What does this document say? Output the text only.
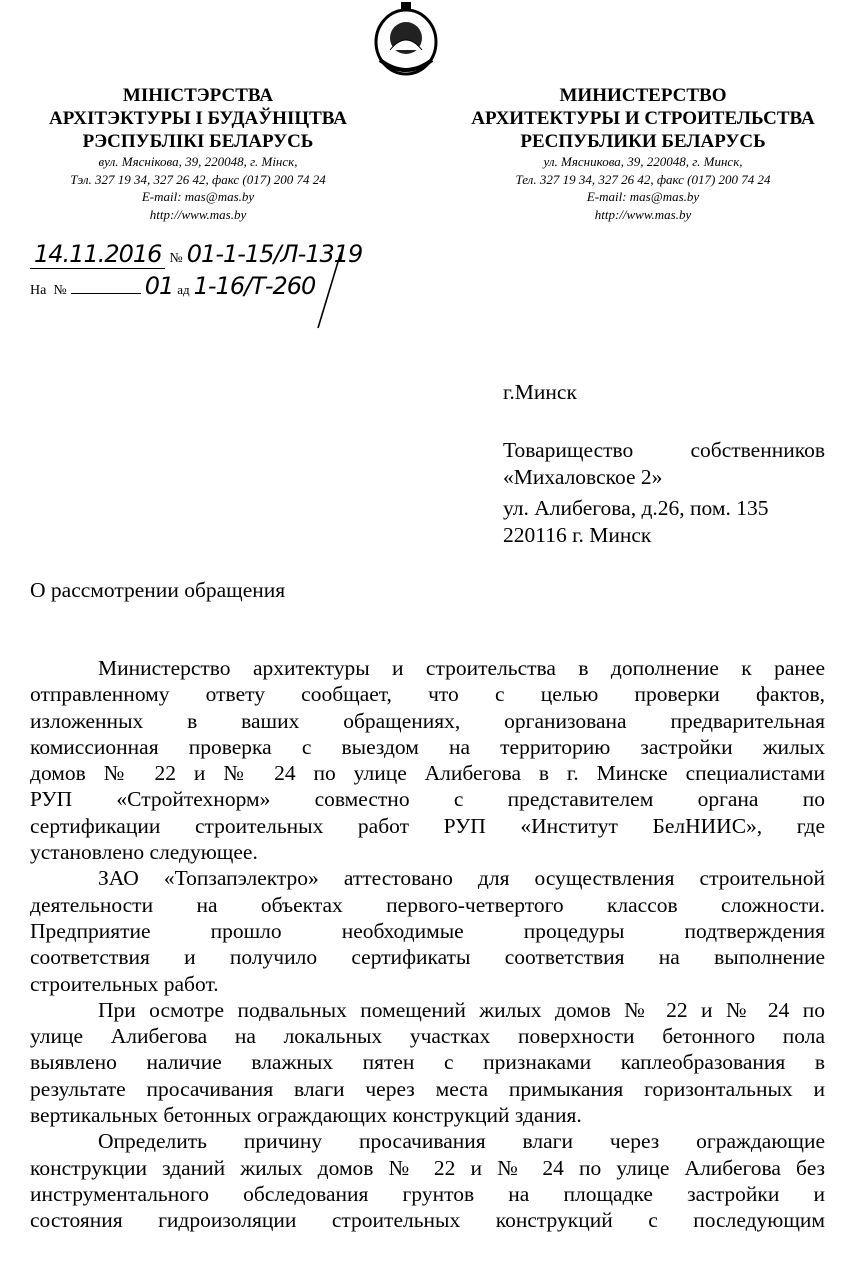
МІНІСТЭРСТВА
АРХІТЭКТУРЫ І БУДАЎНІЦТВА
РЭСПУБЛІКІ БЕЛАРУСЬ
вул. Мяснікова, 39, 220048, г. Мінск,
Тэл. 327 19 34, 327 26 42, факс (017) 200 74 24
E-mail: mas@mas.by
http://www.mas.by
МИНИСТЕРСТВО
АРХИТЕКТУРЫ И СТРОИТЕЛЬСТВА
РЕСПУБЛИКИ БЕЛАРУСЬ
ул. Мясникова, 39, 220048, г. Минск,
Тел. 327 19 34, 327 26 42, факс (017) 200 74 24
E-mail: mas@mas.by
http://www.mas.by
14.11.2016 № 01-1-15/Л-1319
На  №	01 ад 1-16/Т-260
г.Минск
Товарищество собственников
«Михаловское 2»
ул. Алибегова, д.26, пом. 135
220116 г. Минск
О рассмотрении обращения
Министерство архитектуры и строительства в дополнение к ранее
отправленному ответу сообщает, что с целью проверки фактов,
изложенных в ваших обращениях, организована предварительная
комиссионная проверка с выездом на территорию застройки жилых
домов № 22 и № 24 по улице Алибегова в г. Минске специалистами
РУП «Стройтехнорм» совместно с представителем органа по
сертификации строительных работ РУП «Институт БелНИИС», где
установлено следующее.
ЗАО «Топзапэлектро» аттестовано для осуществления строительной
деятельности на объектах первого-четвертого классов сложности.
Предприятие прошло необходимые процедуры подтверждения
соответствия и получило сертификаты соответствия на выполнение
строительных работ.
При осмотре подвальных помещений жилых домов № 22 и № 24 по
улице Алибегова на локальных участках поверхности бетонного пола
выявлено наличие влажных пятен с признаками каплеобразования в
результате просачивания влаги через места примыкания горизонтальных и
вертикальных бетонных ограждающих конструкций здания.
Определить причину просачивания влаги через ограждающие
конструкции зданий жилых домов № 22 и № 24 по улице Алибегова без
инструментального обследования грунтов на площадке застройки и
состояния гидроизоляции строительных конструкций с последующим
